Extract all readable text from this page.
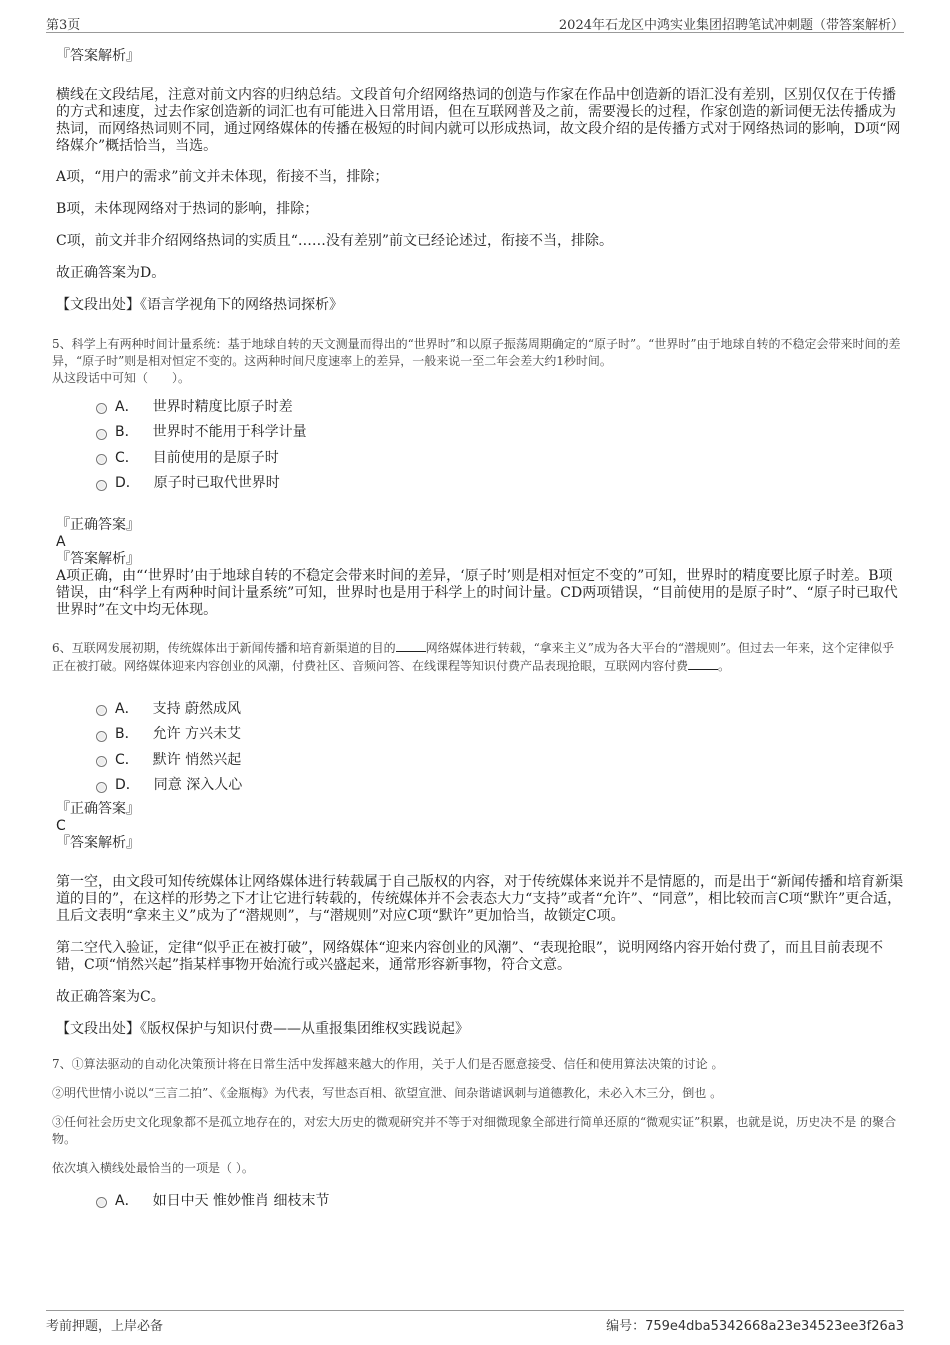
第3页	2024年石龙区中鸿实业集团招聘笔试冲刺题（带答案解析）

『答案解析』

横线在文段结尾，注意对前文内容的归纳总结。文段首句介绍网络热词的创造与作家在作品中创造新的语汇没有差别，区别仅仅在于传播的方式和速度，过去作家创造新的词汇也有可能进入日常用语，但在互联网普及之前，需要漫长的过程，作家创造的新词便无法传播成为热词，而网络热词则不同，通过网络媒体的传播在极短的时间内就可以形成热词，故文段介绍的是传播方式对于网络热词的影响，D项“网络媒介”概括恰当，当选。

A项，“用户的需求”前文并未体现，衔接不当，排除；

B项，未体现网络对于热词的影响，排除；

C项，前文并非介绍网络热词的实质且“……没有差别”前文已经论述过，衔接不当，排除。

故正确答案为D。

【文段出处】《语言学视角下的网络热词探析》

5、科学上有两种时间计量系统：基于地球自转的天文测量而得出的“世界时”和以原子振荡周期确定的“原子时”。“世界时”由于地球自转的不稳定会带来时间的差异，“原子时”则是相对恒定不变的。这两种时间尺度速率上的差异，一般来说一至二年会差大约1秒时间。

从这段话中可知（　　）。

A． 世界时精度比原子时差
B． 世界时不能用于科学计量
C． 目前使用的是原子时
D． 原子时已取代世界时

『正确答案』

A

『答案解析』

A项正确，由“‘世界时’由于地球自转的不稳定会带来时间的差异，‘原子时’则是相对恒定不变的”可知，世界时的精度要比原子时差。B项错误，由“科学上有两种时间计量系统”可知，世界时也是用于科学上的时间计量。CD两项错误，“目前使用的是原子时”、“原子时已取代世界时”在文中均无体现。

6、互联网发展初期，传统媒体出于新闻传播和培育新渠道的目的	网络媒体进行转载，“拿来主义”成为各大平台的“潜规则”。但过去一年来，这个定律似乎正在被打破。网络媒体迎来内容创业的风潮，付费社区、音频问答、在线课程等知识付费产品表现抢眼，互联网内容付费	。

A． 支持 蔚然成风
B． 允许 方兴未艾
C． 默许 悄然兴起
D． 同意 深入人心

『正确答案』

C

『答案解析』

第一空，由文段可知传统媒体让网络媒体进行转载属于自己版权的内容，对于传统媒体来说并不是情愿的，而是出于“新闻传播和培育新渠道的目的”，在这样的形势之下才让它进行转载的，传统媒体并不会表态大力“支持”或者“允许”、“同意”，相比较而言C项“默许”更合适，且后文表明“拿来主义”成为了“潜规则”，与“潜规则”对应C项“默许”更加恰当，故锁定C项。

第二空代入验证，定律“似乎正在被打破”，网络媒体“迎来内容创业的风潮”、“表现抢眼”，说明网络内容开始付费了，而且目前表现不错，C项“悄然兴起”指某样事物开始流行或兴盛起来，通常形容新事物，符合文意。

故正确答案为C。

【文段出处】《版权保护与知识付费——从重报集团维权实践说起》

7、①算法驱动的自动化决策预计将在日常生活中发挥越来越大的作用，关于人们是否愿意接受、信任和使用算法决策的讨论 。

②明代世情小说以“三言二拍”、《金瓶梅》为代表，写世态百相、欲望宣泄、间杂谐谑讽刺与道德教化，未必入木三分，倒也 。

③任何社会历史文化现象都不是孤立地存在的，对宏大历史的微观研究并不等于对细微现象全部进行简单还原的“微观实证”积累，也就是说，历史决不是 的聚合物。

依次填入横线处最恰当的一项是（ ）。

A． 如日中天 惟妙惟肖 细枝末节
考前押题，上岸必备	编号：759e4dba5342668a23e34523ee3f26a3
